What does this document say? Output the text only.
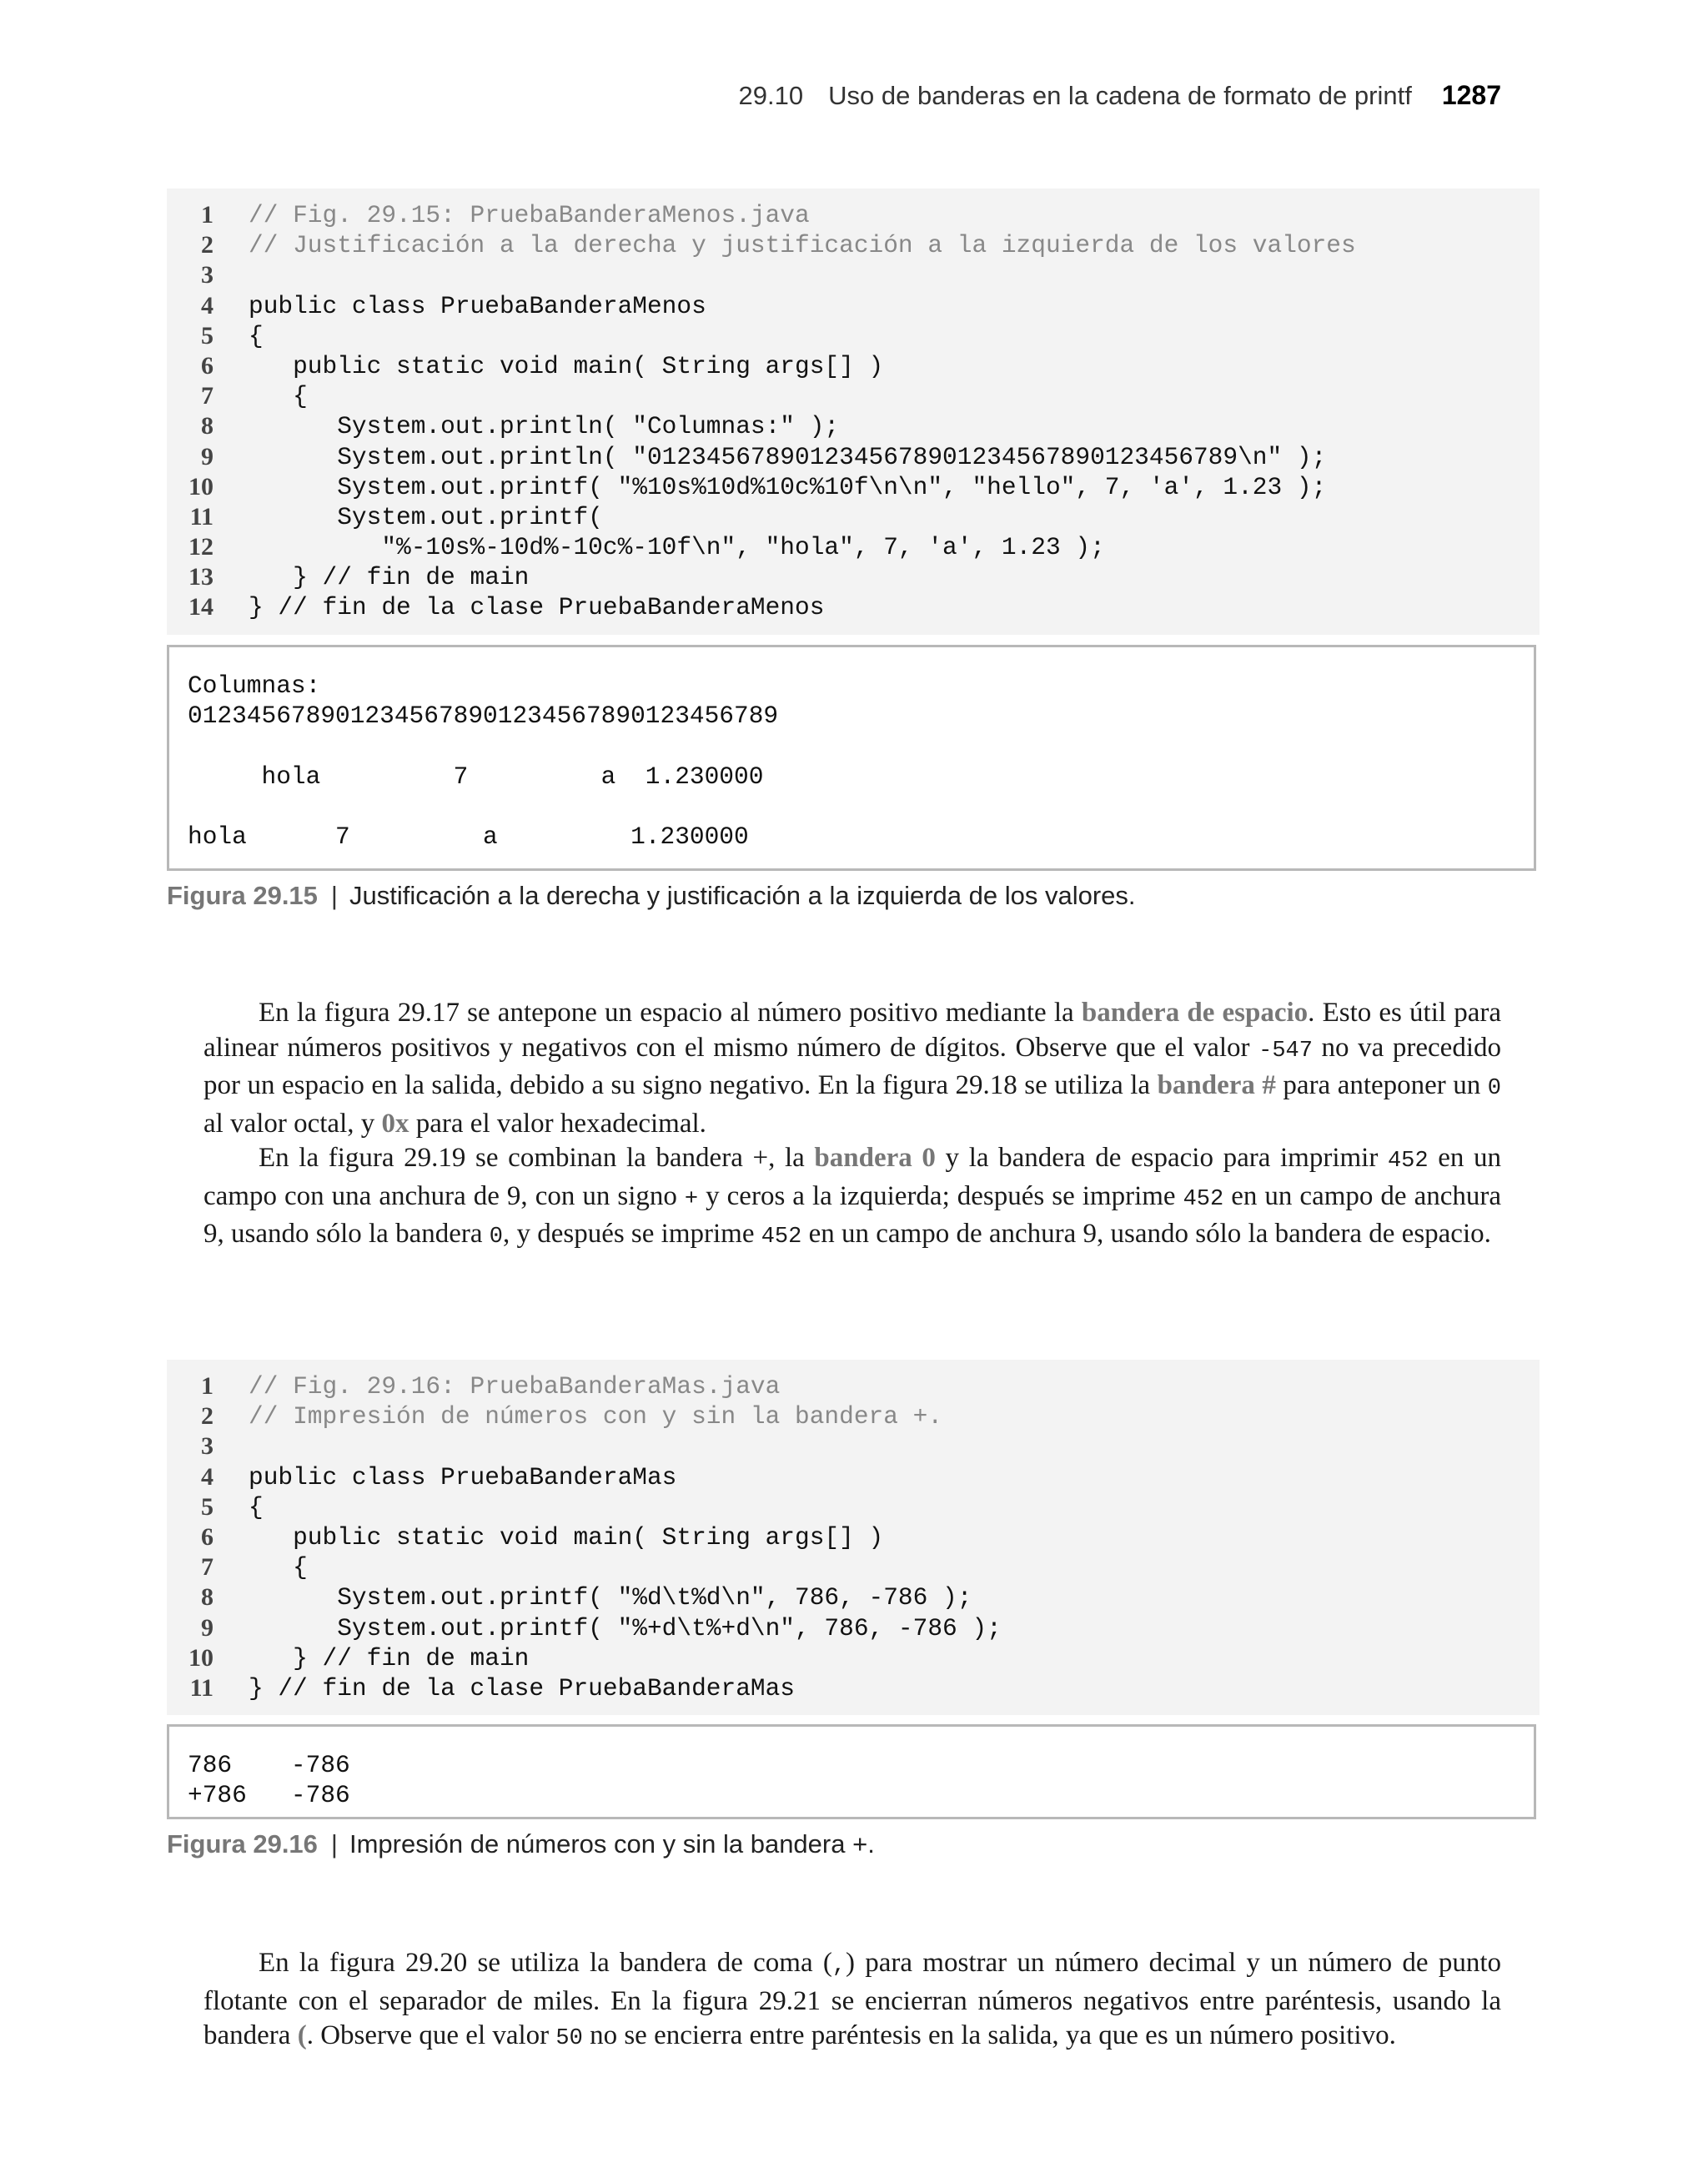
29.10 Uso de banderas en la cadena de formato de printf 1287
1	// Fig. 29.15: PruebaBanderaMenos.java
2	// Justificación a la derecha y justificación a la izquierda de los valores
3
4	public class PruebaBanderaMenos
5	{
6	public static void main( String args[] )
7	{
8	System.out.println( "Columnas:" );
9	System.out.println( "0123456789012345678901234567890123456789\n" );
10	System.out.printf( "%10s%10d%10c%10f\n\n", "hello", 7, 'a', 1.23 );
11	System.out.printf(
12	"%-10s%-10d%-10c%-10f\n", "hola", 7, 'a', 1.23 );
13	} // fin de main
14	} // fin de la clase PruebaBanderaMenos
Columnas:
0123456789012345678901234567890123456789

hola         7         a  1.230000

hola      7         a         1.230000
Figura 29.15 | Justificación a la derecha y justificación a la izquierda de los valores.

En la figura 29.17 se antepone un espacio al número positivo mediante la bandera de espacio. Esto es útil para alinear números positivos y negativos con el mismo número de dígitos. Observe que el valor -547 no va precedido por un espacio en la salida, debido a su signo negativo. En la figura 29.18 se utiliza la bandera # para anteponer un 0 al valor octal, y 0x para el valor hexadecimal.

En la figura 29.19 se combinan la bandera +, la bandera 0 y la bandera de espacio para imprimir 452 en un campo con una anchura de 9, con un signo + y ceros a la izquierda; después se imprime 452 en un campo de anchura 9, usando sólo la bandera 0, y después se imprime 452 en un campo de anchura 9, usando sólo la bandera de espacio.

1	// Fig. 29.16: PruebaBanderaMas.java
2	// Impresión de números con y sin la bandera +.
3
4	public class PruebaBanderaMas
5	{
6	public static void main( String args[] )
7	{
8	System.out.printf( "%d\t%d\n", 786, -786 );
9	System.out.printf( "%+d\t%+d\n", 786, -786 );
10	} // fin de main
11	} // fin de la clase PruebaBanderaMas
786    -786
+786   -786
Figura 29.16 | Impresión de números con y sin la bandera +.

En la figura 29.20 se utiliza la bandera de coma (,) para mostrar un número decimal y un número de punto flotante con el separador de miles. En la figura 29.21 se encierran números negativos entre paréntesis, usando la bandera (. Observe que el valor 50 no se encierra entre paréntesis en la salida, ya que es un número positivo.
